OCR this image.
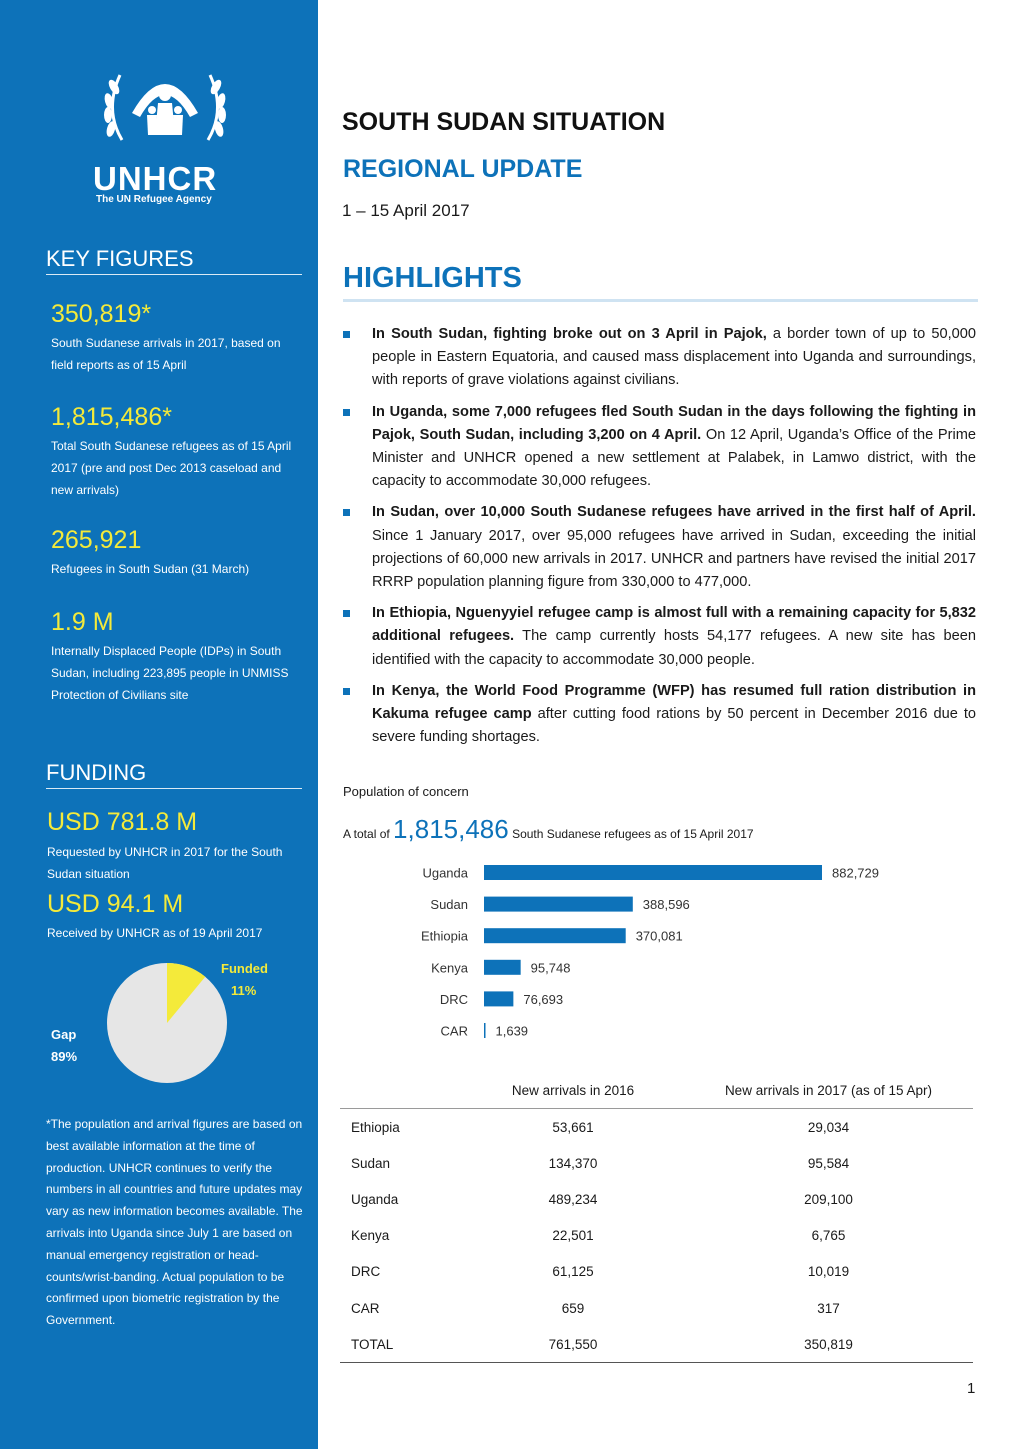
UNHCR
The UN Refugee Agency
KEY FIGURES
350,819*
South Sudanese arrivals in 2017, based on field reports as of 15 April
1,815,486*
Total South Sudanese refugees as of 15 April 2017 (pre and post Dec 2013 caseload and new arrivals)
265,921
Refugees in South Sudan (31 March)
1.9 M
Internally Displaced People (IDPs) in South Sudan, including 223,895 people in UNMISS Protection of Civilians site
FUNDING
USD 781.8 M
Requested by UNHCR in 2017 for the South Sudan situation
USD 94.1 M
Received by UNHCR as of 19 April 2017
Funded
11%
Gap
89%
*The population and arrival figures are based on best available information at the time of production. UNHCR continues to verify the numbers in all countries and future updates may vary as new information becomes available. The arrivals into Uganda since July 1 are based on manual emergency registration or head-counts/wrist-banding. Actual population to be confirmed upon biometric registration by the Government.
SOUTH SUDAN SITUATION
REGIONAL UPDATE
1 – 15 April 2017
HIGHLIGHTS
In South Sudan, fighting broke out on 3 April in Pajok, a border town of up to 50,000 people in Eastern Equatoria, and caused mass displacement into Uganda and surroundings, with reports of grave violations against civilians.
In Uganda, some 7,000 refugees fled South Sudan in the days following the fighting in Pajok, South Sudan, including 3,200 on 4 April. On 12 April, Uganda’s Office of the Prime Minister and UNHCR opened a new settlement at Palabek, in Lamwo district, with the capacity to accommodate 30,000 refugees.
In Sudan, over 10,000 South Sudanese refugees have arrived in the first half of April. Since 1 January 2017, over 95,000 refugees have arrived in Sudan, exceeding the initial projections of 60,000 new arrivals in 2017. UNHCR and partners have revised the initial 2017 RRRP population planning figure from 330,000 to 477,000.
In Ethiopia, Nguenyyiel refugee camp is almost full with a remaining capacity for 5,832 additional refugees. The camp currently hosts 54,177 refugees. A new site has been identified with the capacity to accommodate 30,000 people.
In Kenya, the World Food Programme (WFP) has resumed full ration distribution in Kakuma refugee camp after cutting food rations by 50 percent in December 2016 due to severe funding shortages.
Population of concern
A total of 1,815,486 South Sudanese refugees as of 15 April 2017
Uganda	882,729
Sudan	388,596
Ethiopia	370,081
Kenya	95,748
DRC	76,693
CAR 1,639
	New arrivals in 2016	New arrivals in 2017 (as of 15 Apr)
Ethiopia	53,661	29,034
Sudan	134,370	95,584
Uganda	489,234	209,100
Kenya	22,501	6,765
DRC	61,125	10,019
CAR	659	317
TOTAL	761,550	350,819
1
